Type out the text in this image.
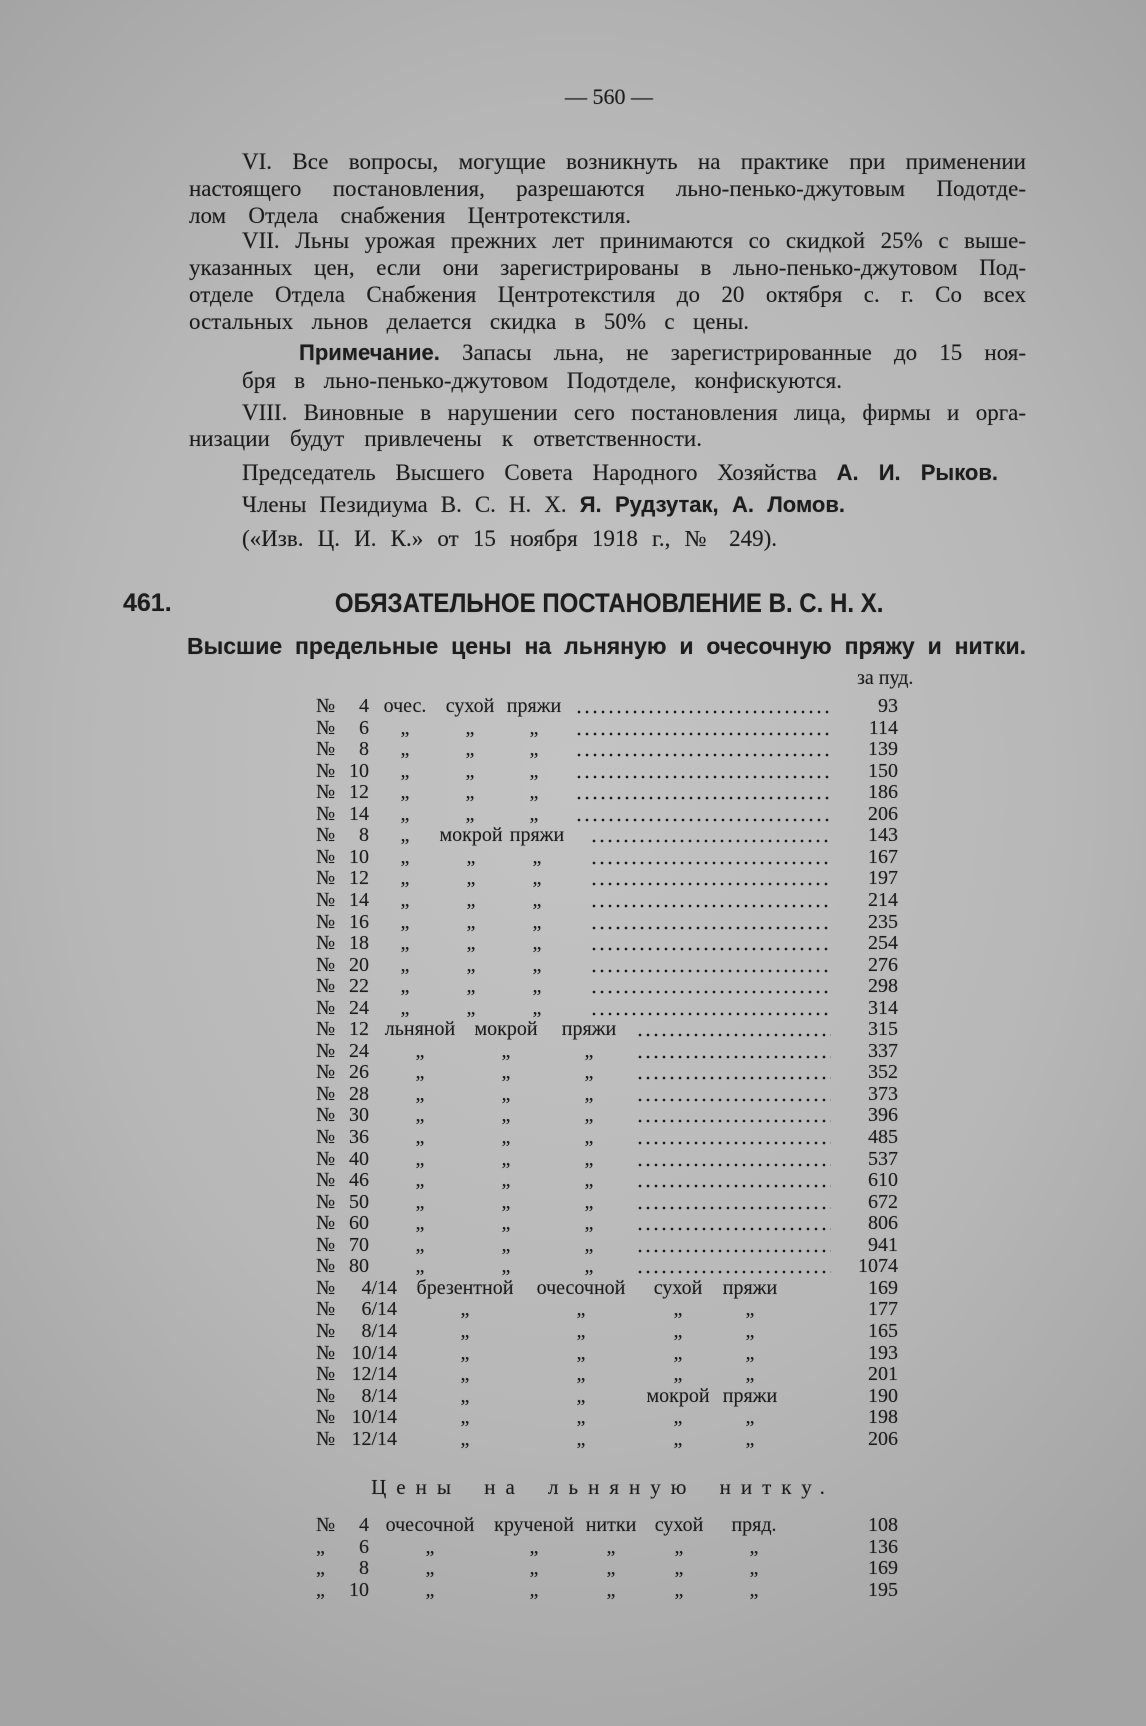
— 560 —
VI. Все вопросы, могущие возникнуть на практике при применении
настоящего постановления, разрешаются льно-пенько-джутовым Подотде-
лом Отдела снабжения Центротекстиля.
VII. Льны урожая прежних лет принимаются со скидкой 25% с выше-
указанных цен, если они зарегистрированы в льно-пенько-джутовом Под-
отделе Отдела Снабжения Центротекстиля до 20 октября с. г. Со всех
остальных льнов делается скидка в 50% с цены.
Примечание. Запасы льна, не зарегистрированные до 15 ноя-
бря в льно-пенько-джутовом Подотделе, конфискуются.
VIII. Виновные в нарушении сего постановления лица, фирмы и орга-
низации будут привлечены к ответственности.
Председатель Высшего Совета Народного Хозяйства А. И. Рыков.
Члены Пезидиума В. С. Н. Х. Я. Рудзутак, А. Ломов.
(«Изв. Ц. И. К.» от 15 ноября 1918 г., № 249).
461.	ОБЯЗАТЕЛЬНОЕ ПОСТАНОВЛЕНИЕ В. С. Н. Х.
Высшие предельные цены на льняную и очесочную пряжу и нитки.
за пуд.
№ 4 очес. сухой пряжи	93
№ 6 „	„	„	114
№ 8 „	„	„	139
№ 10 „	„	„	150
№ 12 „	„	„	186
№ 14 „	„	„	206
№ 8 „ мокрой пряжи	143
№ 10 „	„	„	167
№ 12 „	„	„	197
№ 14 „	„	„	214
№ 16 „	„	„	235
№ 18 „	„	„	254
№ 20 „	„	„	276
№ 22 „	„	„	298
№ 24 „	„	„	314
№ 12 льняной мокрой пряжи	315
№ 24 „	„	„	337
№ 26 „	„	„	352
№ 28 „	„	„	373
№ 30 „	„	„	396
№ 36 „	„	„	485
№ 40 „	„	„	537
№ 46 „	„	„	610
№ 50 „	„	„	672
№ 60 „	„	„	806
№ 70 „	„	„	941
№ 80 „	„	„	1074
№ 4/14 брезентной очесочной сухой пряжи	169
№ 6/14	„	„	„	„	177
№ 8/14	„	„	„	„	165
№ 10/14	„	„	„	„	193
№ 12/14	„	„	„	„	201
№ 8/14	„	„	мокрой пряжи	190
№ 10/14	„	„	„	„	198
№ 12/14	„	„	„	„	206
Цены на льняную нитку.
№ 4 очесочной крученой нитки сухой пряд.	108
„ 6	„	„	„	„	„	136
„ 8	„	„	„	„	„	169
„ 10	„	„	„	„	„	195
